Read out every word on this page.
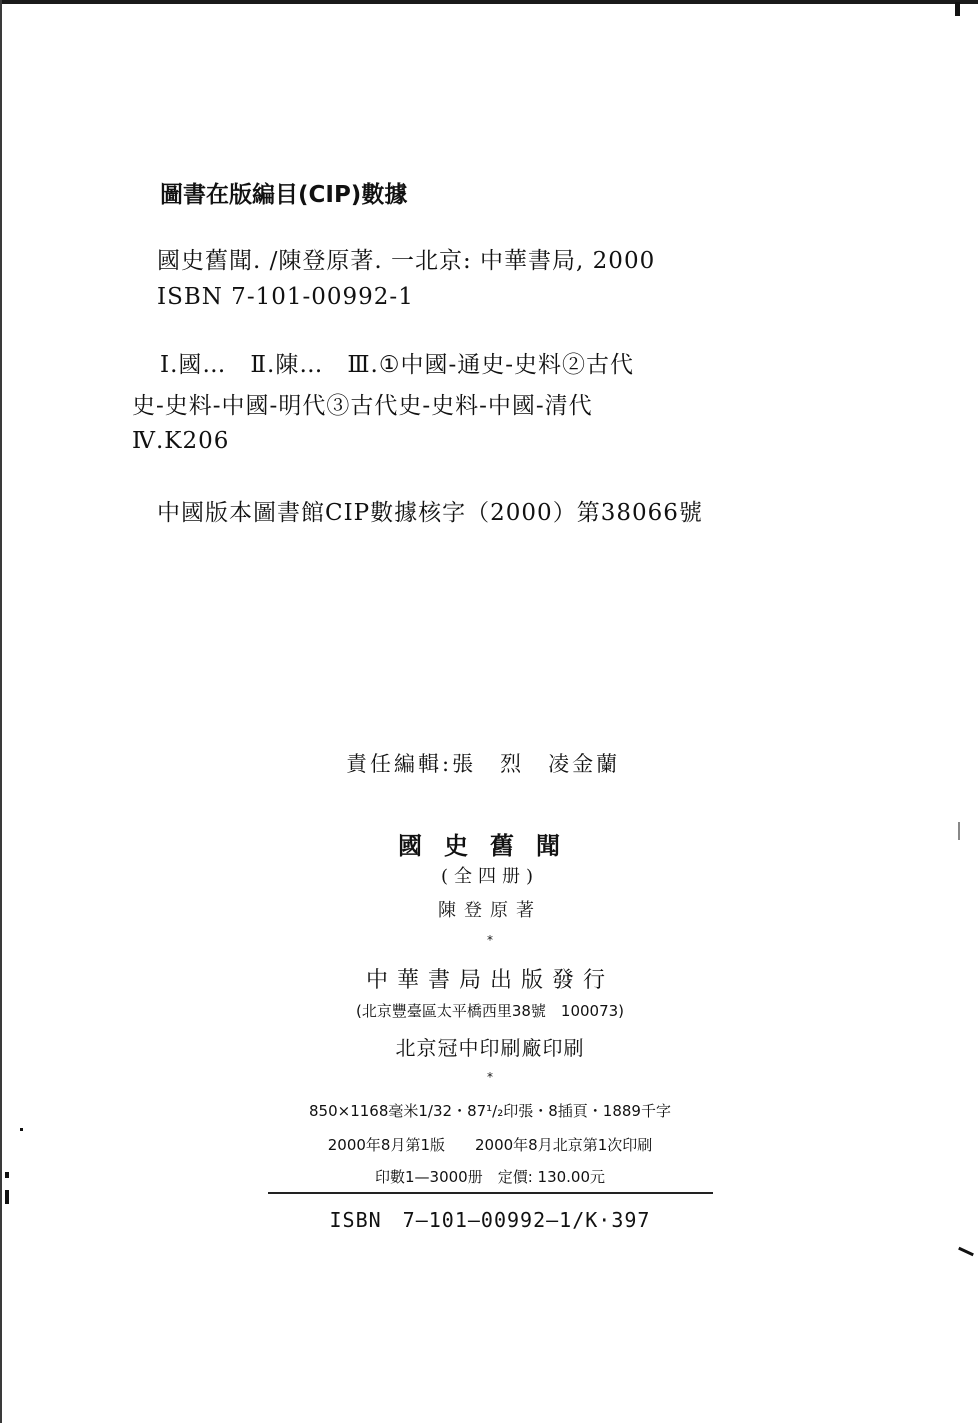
圖書在版編目(CIP)數據
國史舊聞. /陳登原著. 一北京: 中華書局, 2000
ISBN 7-101-00992-1
Ⅰ.國…　Ⅱ.陳…　Ⅲ.①中國-通史-史料②古代
史-史料-中國-明代③古代史-史料-中國-清代
Ⅳ.K206
中國版本圖書館CIP數據核字（2000）第38066號
責任編輯:張　烈　凌金蘭
國史舊聞
(全四册)
陳登原著
*
中華書局出版發行
(北京豐臺區太平橋西里38號　100073)
北京冠中印刷廠印刷
*
850×1168毫米1/32・87¹/₂印張・8插頁・1889千字
2000年8月第1版　　2000年8月北京第1次印刷
印數1—3000册　定價: 130.00元
ISBN　7—101—00992—1/K·397
